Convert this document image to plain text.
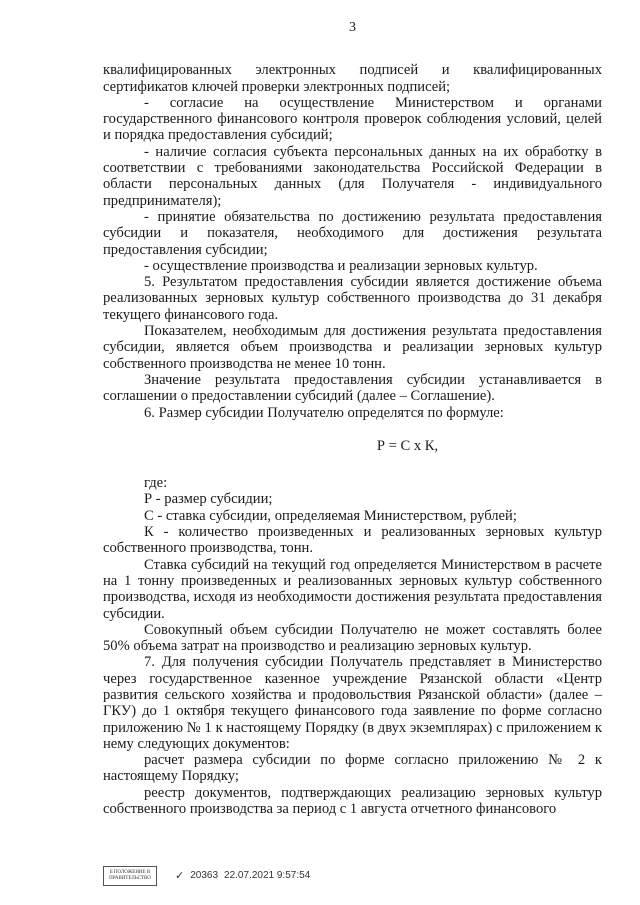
3

квалифицированных электронных подписей и квалифицированных сертификатов ключей проверки электронных подписей;

- согласие на осуществление Министерством и органами государственного финансового контроля проверок соблюдения условий, целей и порядка предоставления субсидий;

- наличие согласия субъекта персональных данных на их обработку в соответствии с требованиями законодательства Российской Федерации в области персональных данных (для Получателя - индивидуального предпринимателя);

- принятие обязательства по достижению результата предоставления субсидии и показателя, необходимого для достижения результата предоставления субсидии;

- осуществление производства и реализации зерновых культур.

5. Результатом предоставления субсидии является достижение объема реализованных зерновых культур собственного производства до 31 декабря текущего финансового года.

Показателем, необходимым для достижения результата предоставления субсидии, является объем производства и реализации зерновых культур собственного производства не менее 10 тонн.

Значение результата предоставления субсидии устанавливается в соглашении о предоставлении субсидий (далее – Соглашение).

6. Размер субсидии Получателю определятся по формуле:

Р = С х К,

где:

Р - размер субсидии;

С - ставка субсидии, определяемая Министерством, рублей;

К - количество произведенных и реализованных зерновых культур собственного производства, тонн.

Ставка субсидий на текущий год определяется Министерством в расчете на 1 тонну произведенных и реализованных зерновых культур собственного производства, исходя из необходимости достижения результата предоставления субсидии.

Совокупный объем субсидии Получателю не может составлять более 50% объема затрат на производство и реализацию зерновых культур.

7. Для получения субсидии Получатель представляет в Министерство через государственное казенное учреждение Рязанской области «Центр развития сельского хозяйства и продовольствия Рязанской области» (далее – ГКУ) до 1 октября текущего финансового года заявление по форме согласно приложению № 1 к настоящему Порядку (в двух экземплярах) с приложением к нему следующих документов:

расчет размера субсидии по форме согласно приложению № 2 к настоящему Порядку;

реестр документов, подтверждающих реализацию зерновых культур собственного производства за период с 1 августа отчетного финансового

Б ПОЛОЖЕНИЕ В
ПРАВИТЕЛЬСТВО ✓ 20363 22.07.2021 9:57:54
